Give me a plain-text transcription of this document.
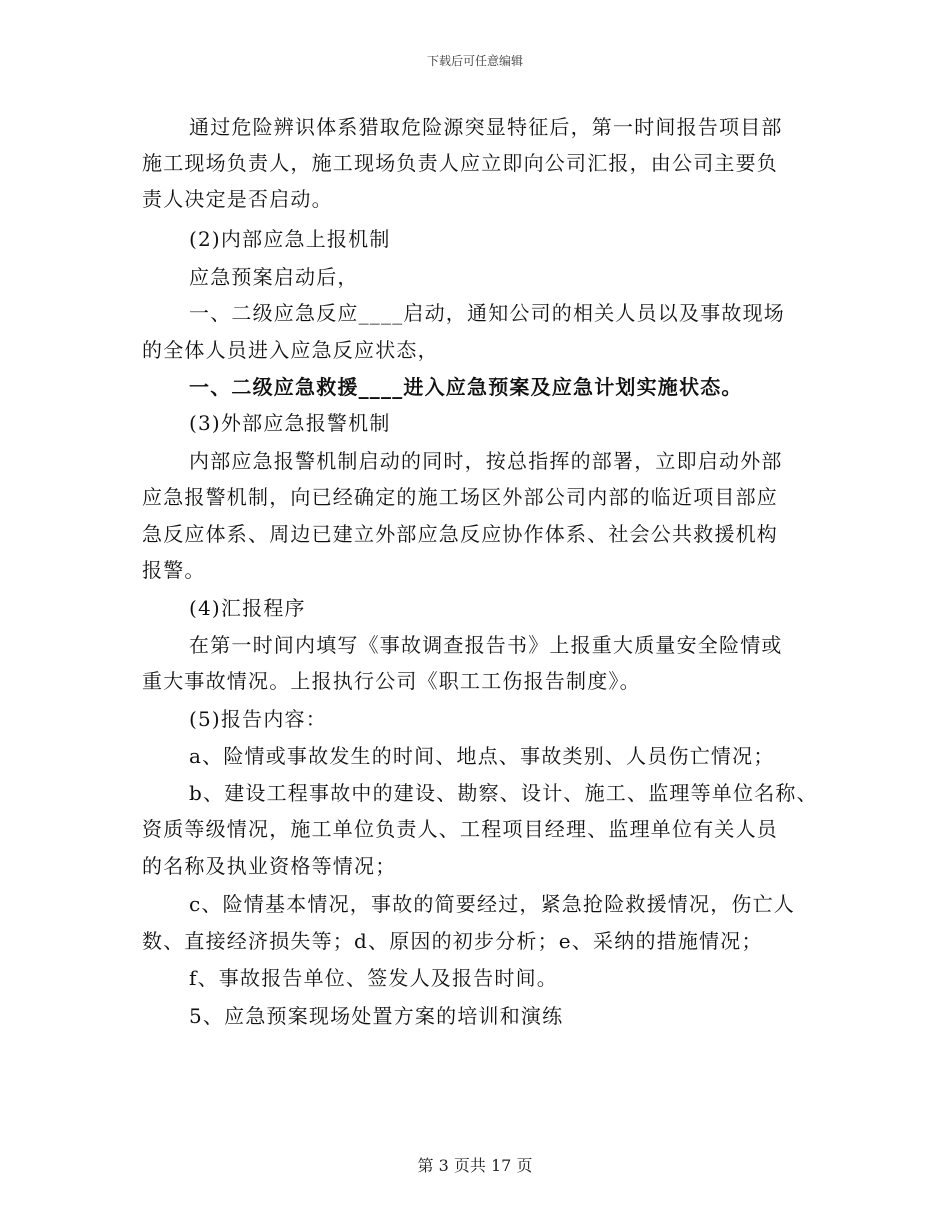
下载后可任意编辑
通过危险辨识体系猎取危险源突显特征后，第一时间报告项目部
施工现场负责人，施工现场负责人应立即向公司汇报，由公司主要负
责人决定是否启动。
(2)内部应急上报机制
应急预案启动后，
一、二级应急反应____启动，通知公司的相关人员以及事故现场
的全体人员进入应急反应状态，
一、二级应急救援____进入应急预案及应急计划实施状态。
(3)外部应急报警机制
内部应急报警机制启动的同时，按总指挥的部署，立即启动外部
应急报警机制，向已经确定的施工场区外部公司内部的临近项目部应
急反应体系、周边已建立外部应急反应协作体系、社会公共救援机构
报警。
(4)汇报程序
在第一时间内填写《事故调查报告书》上报重大质量安全险情或
重大事故情况。上报执行公司《职工工伤报告制度》。
(5)报告内容：
a、险情或事故发生的时间、地点、事故类别、人员伤亡情况；
b、建设工程事故中的建设、勘察、设计、施工、监理等单位名称、
资质等级情况，施工单位负责人、工程项目经理、监理单位有关人员
的名称及执业资格等情况；
c、险情基本情况，事故的简要经过，紧急抢险救援情况，伤亡人
数、直接经济损失等；d、原因的初步分析；e、采纳的措施情况；
f、事故报告单位、签发人及报告时间。
5、应急预案现场处置方案的培训和演练
第 3 页共 17 页
